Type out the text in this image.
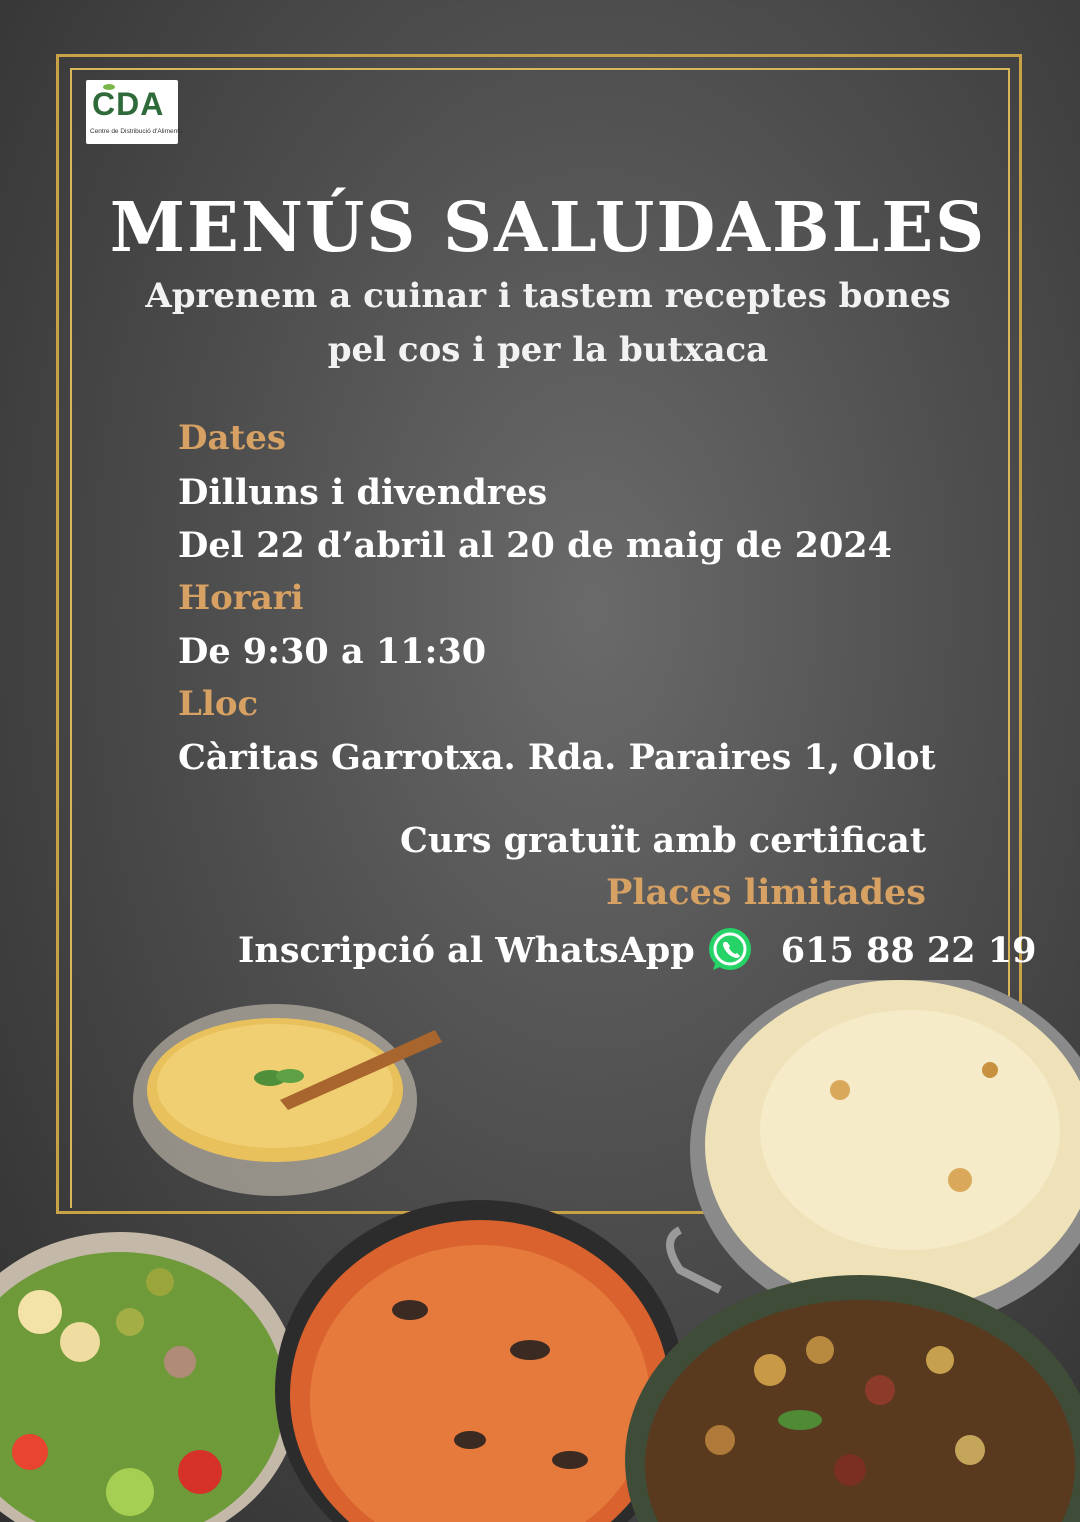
CDA
Centre de Distribució d'Aliments
MENÚS SALUDABLES
Aprenem a cuinar i tastem receptes bones
pel cos i per la butxaca
Dates
Dilluns i divendres
Del 22 d’abril al 20 de maig de 2024
Horari
De 9:30 a 11:30
Lloc
Càritas Garrotxa. Rda. Paraires 1, Olot
Curs gratuït amb certificat
Places limitades
Inscripció al WhatsApp 615 88 22 19
